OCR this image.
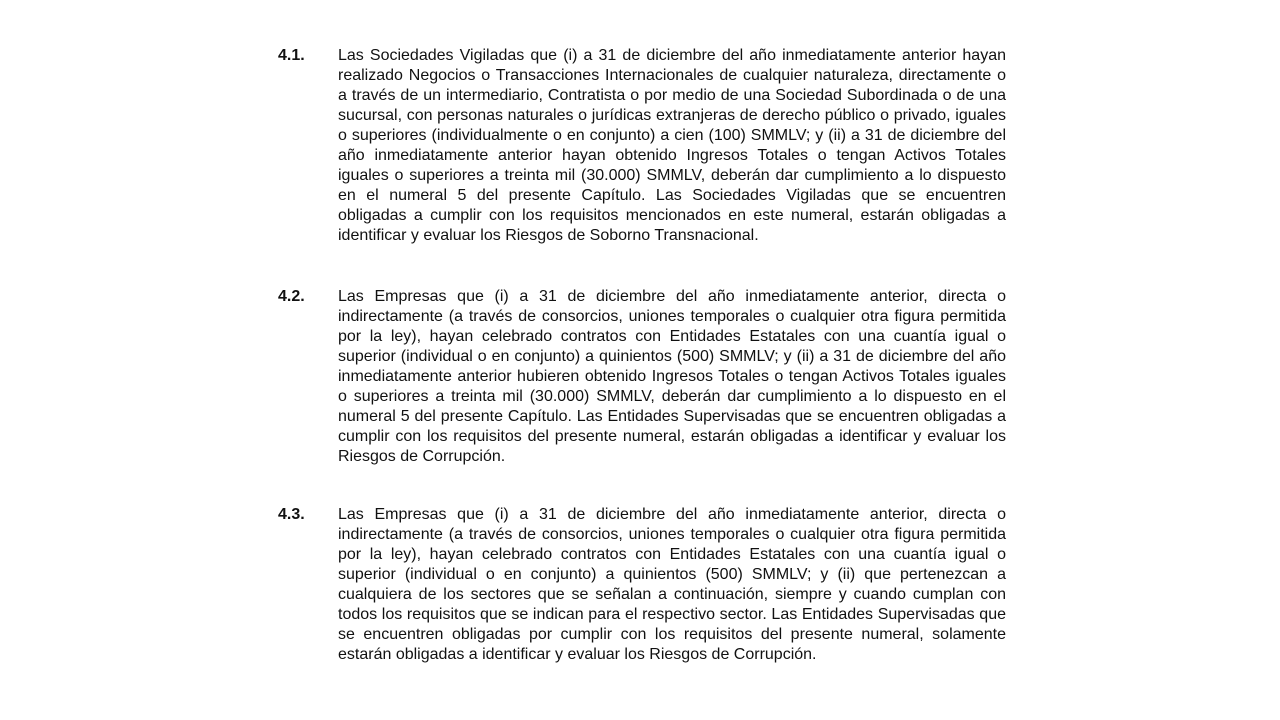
4.1. Las Sociedades Vigiladas que (i) a 31 de diciembre del año inmediatamente anterior hayan realizado Negocios o Transacciones Internacionales de cualquier naturaleza, directamente o a través de un intermediario, Contratista o por medio de una Sociedad Subordinada o de una sucursal, con personas naturales o jurídicas extranjeras de derecho público o privado, iguales o superiores (individualmente o en conjunto) a cien (100) SMMLV; y (ii) a 31 de diciembre del año inmediatamente anterior hayan obtenido Ingresos Totales o tengan Activos Totales iguales o superiores a treinta mil (30.000) SMMLV, deberán dar cumplimiento a lo dispuesto en el numeral 5 del presente Capítulo. Las Sociedades Vigiladas que se encuentren obligadas a cumplir con los requisitos mencionados en este numeral, estarán obligadas a identificar y evaluar los Riesgos de Soborno Transnacional.
4.2. Las Empresas que (i) a 31 de diciembre del año inmediatamente anterior, directa o indirectamente (a través de consorcios, uniones temporales o cualquier otra figura permitida por la ley), hayan celebrado contratos con Entidades Estatales con una cuantía igual o superior (individual o en conjunto) a quinientos (500) SMMLV; y (ii) a 31 de diciembre del año inmediatamente anterior hubieren obtenido Ingresos Totales o tengan Activos Totales iguales o superiores a treinta mil (30.000) SMMLV, deberán dar cumplimiento a lo dispuesto en el numeral 5 del presente Capítulo. Las Entidades Supervisadas que se encuentren obligadas a cumplir con los requisitos del presente numeral, estarán obligadas a identificar y evaluar los Riesgos de Corrupción.
4.3. Las Empresas que (i) a 31 de diciembre del año inmediatamente anterior, directa o indirectamente (a través de consorcios, uniones temporales o cualquier otra figura permitida por la ley), hayan celebrado contratos con Entidades Estatales con una cuantía igual o superior (individual o en conjunto) a quinientos (500) SMMLV; y (ii) que pertenezcan a cualquiera de los sectores que se señalan a continuación, siempre y cuando cumplan con todos los requisitos que se indican para el respectivo sector. Las Entidades Supervisadas que se encuentren obligadas por cumplir con los requisitos del presente numeral, solamente estarán obligadas a identificar y evaluar los Riesgos de Corrupción.
